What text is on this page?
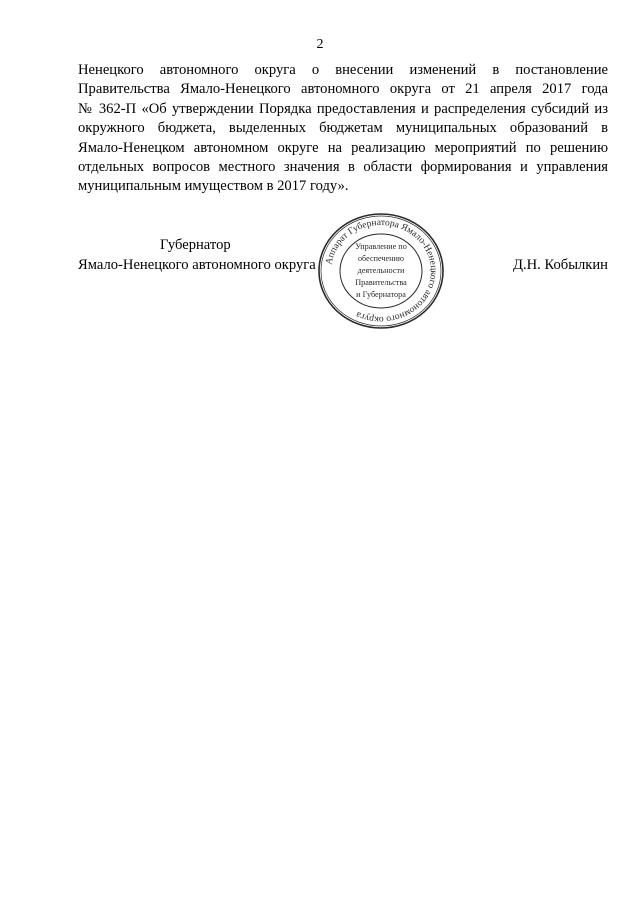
2
Ненецкого автономного округа о внесении изменений в постановление
Правительства Ямало-Ненецкого автономного округа от 21 апреля 2017 года
№ 362-П «Об утверждении Порядка предоставления и распределения субсидий из
окружного бюджета, выделенных бюджетам муниципальных образований в
Ямало-Ненецком автономном округе на реализацию мероприятий по решению
отдельных вопросов местного значения в области формирования и управления
муниципальным имуществом в 2017 году».
Губернатор
Ямало-Ненецкого автономного округа	Д.Н. Кобылкин
Аппарат Губернатора Ямало-Ненецкого автономного округа
Управление по
обеспечению
деятельности
Правительства
и Губернатора
